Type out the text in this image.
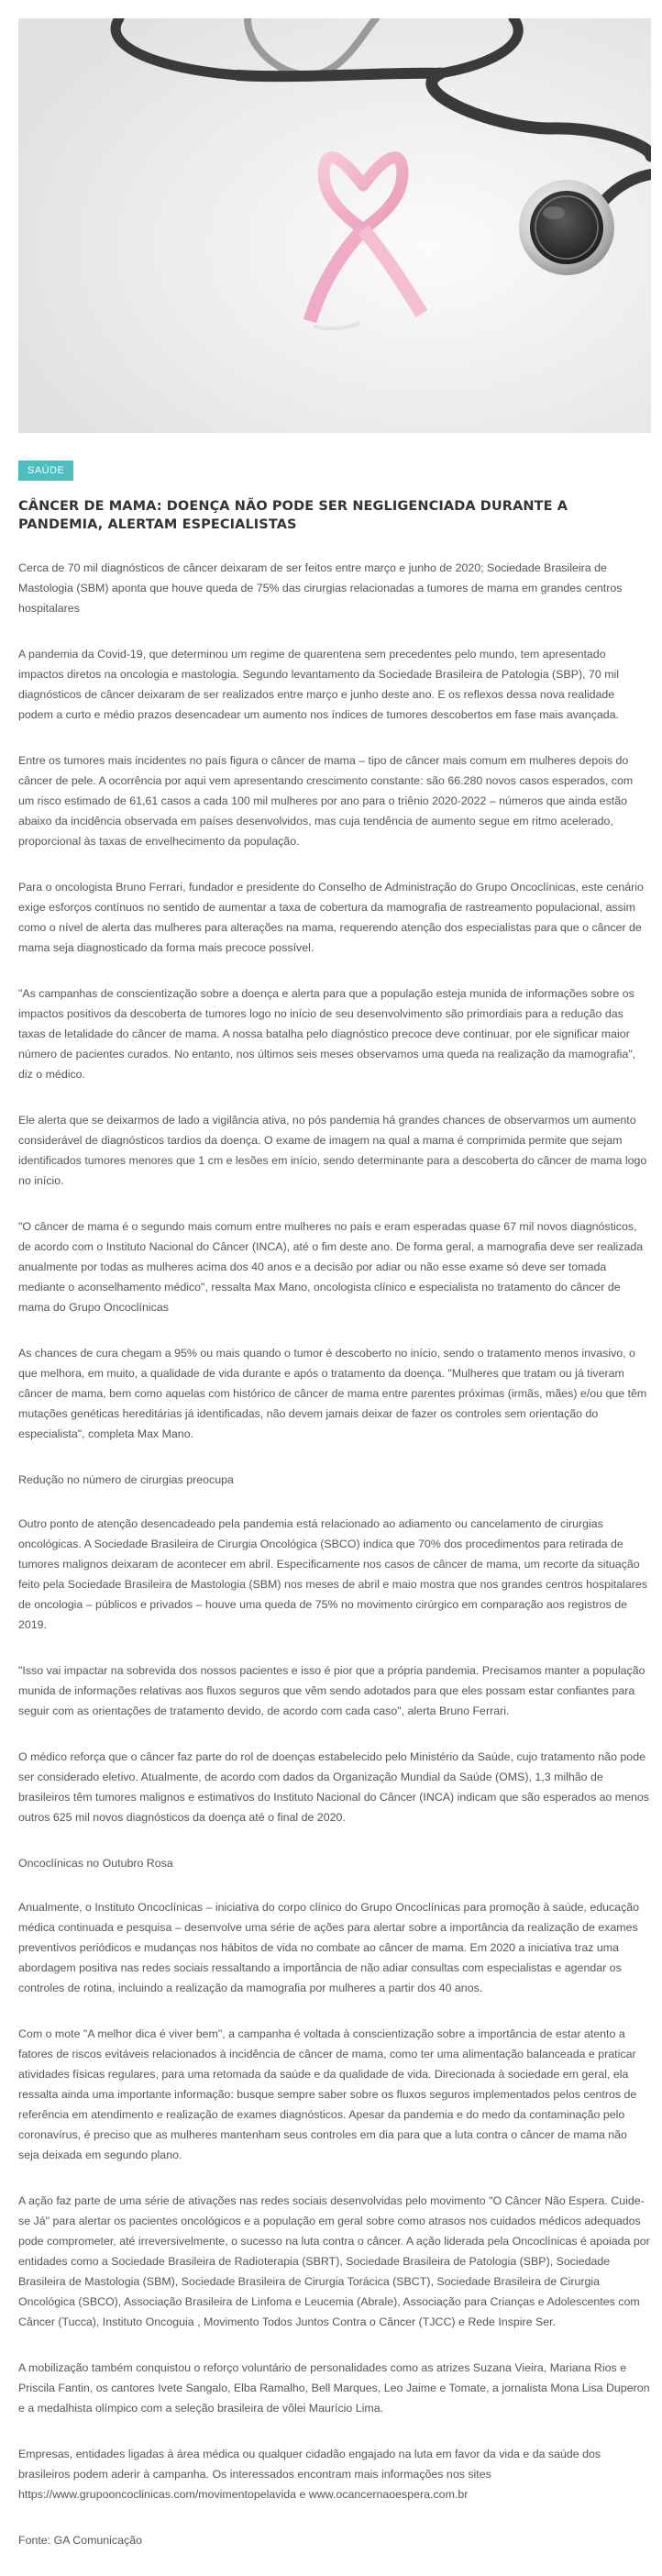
SAÚDE
CÂNCER DE MAMA: DOENÇA NÃO PODE SER NEGLIGENCIADA DURANTE A PANDEMIA, ALERTAM ESPECIALISTAS

Cerca de 70 mil diagnósticos de câncer deixaram de ser feitos entre março e junho de 2020; Sociedade Brasileira de Mastologia (SBM) aponta que houve queda de 75% das cirurgias relacionadas a tumores de mama em grandes centros hospitalares

A pandemia da Covid-19, que determinou um regime de quarentena sem precedentes pelo mundo, tem apresentado impactos diretos na oncologia e mastologia. Segundo levantamento da Sociedade Brasileira de Patologia (SBP), 70 mil diagnósticos de câncer deixaram de ser realizados entre março e junho deste ano. E os reflexos dessa nova realidade podem a curto e médio prazos desencadear um aumento nos índices de tumores descobertos em fase mais avançada.

Entre os tumores mais incidentes no país figura o câncer de mama – tipo de câncer mais comum em mulheres depois do câncer de pele. A ocorrência por aqui vem apresentando crescimento constante: são 66.280 novos casos esperados, com um risco estimado de 61,61 casos a cada 100 mil mulheres por ano para o triênio 2020-2022 – números que ainda estão abaixo da incidência observada em países desenvolvidos, mas cuja tendência de aumento segue em ritmo acelerado, proporcional às taxas de envelhecimento da população.

Para o oncologista Bruno Ferrari, fundador e presidente do Conselho de Administração do Grupo Oncoclínicas, este cenário exige esforços contínuos no sentido de aumentar a taxa de cobertura da mamografia de rastreamento populacional, assim como o nível de alerta das mulheres para alterações na mama, requerendo atenção dos especialistas para que o câncer de mama seja diagnosticado da forma mais precoce possível.

"As campanhas de conscientização sobre a doença e alerta para que a população esteja munida de informações sobre os impactos positivos da descoberta de tumores logo no início de seu desenvolvimento são primordiais para a redução das taxas de letalidade do câncer de mama. A nossa batalha pelo diagnóstico precoce deve continuar, por ele significar maior número de pacientes curados. No entanto, nos últimos seis meses observamos uma queda na realização da mamografia", diz o médico.

Ele alerta que se deixarmos de lado a vigilância ativa, no pós pandemia há grandes chances de observarmos um aumento considerável de diagnósticos tardios da doença. O exame de imagem na qual a mama é comprimida permite que sejam identificados tumores menores que 1 cm e lesões em início, sendo determinante para a descoberta do câncer de mama logo no início.

"O câncer de mama é o segundo mais comum entre mulheres no país e eram esperadas quase 67 mil novos diagnósticos, de acordo com o Instituto Nacional do Câncer (INCA), até o fim deste ano. De forma geral, a mamografia deve ser realizada anualmente por todas as mulheres acima dos 40 anos e a decisão por adiar ou não esse exame só deve ser tomada mediante o aconselhamento médico", ressalta Max Mano, oncologista clínico e especialista no tratamento do câncer de mama do Grupo Oncoclínicas

As chances de cura chegam a 95% ou mais quando o tumor é descoberto no início, sendo o tratamento menos invasivo, o que melhora, em muito, a qualidade de vida durante e após o tratamento da doença. "Mulheres que tratam ou já tiveram câncer de mama, bem como aquelas com histórico de câncer de mama entre parentes próximas (irmãs, mães) e/ou que têm mutações genéticas hereditárias já identificadas, não devem jamais deixar de fazer os controles sem orientação do especialista", completa Max Mano.

Redução no número de cirurgias preocupa

Outro ponto de atenção desencadeado pela pandemia está relacionado ao adiamento ou cancelamento de cirurgias oncológicas. A Sociedade Brasileira de Cirurgia Oncológica (SBCO) indica que 70% dos procedimentos para retirada de tumores malignos deixaram de acontecer em abril. Especificamente nos casos de câncer de mama, um recorte da situação feito pela Sociedade Brasileira de Mastologia (SBM) nos meses de abril e maio mostra que nos grandes centros hospitalares de oncologia – públicos e privados – houve uma queda de 75% no movimento cirúrgico em comparação aos registros de 2019.

"Isso vai impactar na sobrevida dos nossos pacientes e isso é pior que a própria pandemia. Precisamos manter a população munida de informações relativas aos fluxos seguros que vêm sendo adotados para que eles possam estar confiantes para seguir com as orientações de tratamento devido, de acordo com cada caso", alerta Bruno Ferrari.

O médico reforça que o câncer faz parte do rol de doenças estabelecido pelo Ministério da Saúde, cujo tratamento não pode ser considerado eletivo. Atualmente, de acordo com dados da Organização Mundial da Saúde (OMS), 1,3 milhão de brasileiros têm tumores malignos e estimativos do Instituto Nacional do Câncer (INCA) indicam que são esperados ao menos outros 625 mil novos diagnósticos da doença até o final de 2020.

Oncoclínicas no Outubro Rosa

Anualmente, o Instituto Oncoclínicas – iniciativa do corpo clínico do Grupo Oncoclínicas para promoção à saúde, educação médica continuada e pesquisa – desenvolve uma série de ações para alertar sobre a importância da realização de exames preventivos periódicos e mudanças nos hábitos de vida no combate ao câncer de mama. Em 2020 a iniciativa traz uma abordagem positiva nas redes sociais ressaltando a importância de não adiar consultas com especialistas e agendar os controles de rotina, incluindo a realização da mamografia por mulheres a partir dos 40 anos.

Com o mote "A melhor dica é viver bem", a campanha é voltada à conscientização sobre a importância de estar atento a fatores de riscos evitáveis relacionados à incidência de câncer de mama, como ter uma alimentação balanceada e praticar atividades físicas regulares, para uma retomada da saúde e da qualidade de vida. Direcionada à sociedade em geral, ela ressalta ainda uma importante informação: busque sempre saber sobre os fluxos seguros implementados pelos centros de referência em atendimento e realização de exames diagnósticos. Apesar da pandemia e do medo da contaminação pelo coronavírus, é preciso que as mulheres mantenham seus controles em dia para que a luta contra o câncer de mama não seja deixada em segundo plano.

A ação faz parte de uma série de ativações nas redes sociais desenvolvidas pelo movimento "O Câncer Não Espera. Cuide-se Já" para alertar os pacientes oncológicos e a população em geral sobre como atrasos nos cuidados médicos adequados pode comprometer, até irreversivelmente, o sucesso na luta contra o câncer. A ação liderada pela Oncoclínicas é apoiada por entidades como a Sociedade Brasileira de Radioterapia (SBRT), Sociedade Brasileira de Patologia (SBP), Sociedade Brasileira de Mastologia (SBM), Sociedade Brasileira de Cirurgia Torácica (SBCT), Sociedade Brasileira de Cirurgia Oncológica (SBCO), Associação Brasileira de Linfoma e Leucemia (Abrale), Associação para Crianças e Adolescentes com Câncer (Tucca), Instituto Oncoguia , Movimento Todos Juntos Contra o Câncer (TJCC) e Rede Inspire Ser.

A mobilização também conquistou o reforço voluntário de personalidades como as atrizes Suzana Vieira, Mariana Rios e Priscila Fantin, os cantores Ivete Sangalo, Elba Ramalho, Bell Marques, Leo Jaime e Tomate, a jornalista Mona Lisa Duperon e a medalhista olímpico com a seleção brasileira de vôlei Maurício Lima.

Empresas, entidades ligadas à área médica ou qualquer cidadão engajado na luta em favor da vida e da saúde dos brasileiros podem aderir à campanha. Os interessados encontram mais informações nos sites https://www.grupooncoclinicas.com/movimentopelavida e www.ocancernaoespera.com.br

Fonte: GA Comunicação
